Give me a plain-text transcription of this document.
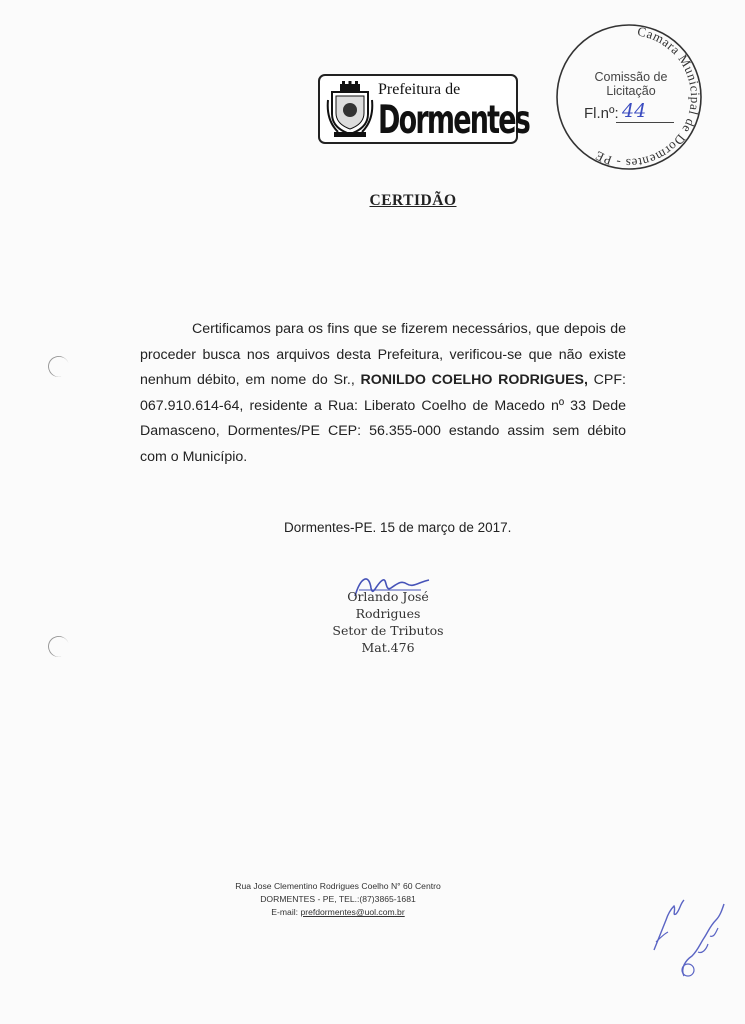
Prefeitura de
Dormentes
Camara Municipal de Dormentes - PE
Comissão de
Licitação
Fl.nº: 44
CERTIDÃO

Certificamos para os fins que se fizerem necessários, que depois de proceder busca nos arquivos desta Prefeitura, verificou-se que não existe nenhum débito, em nome do Sr., RONILDO COELHO RODRIGUES, CPF: 067.910.614-64, residente a Rua: Liberato Coelho de Macedo nº 33 Dede Damasceno, Dormentes/PE CEP: 56.355-000 estando assim sem débito com o Município.

Dormentes-PE. 15 de março de 2017.
Orlando José Rodrigues
Setor de Tributos
Mat.476
Rua Jose Clementino Rodrigues Coelho N° 60 Centro
DORMENTES - PE, TEL.:(87)3865-1681
E-mail: prefdormentes@uol.com.br
